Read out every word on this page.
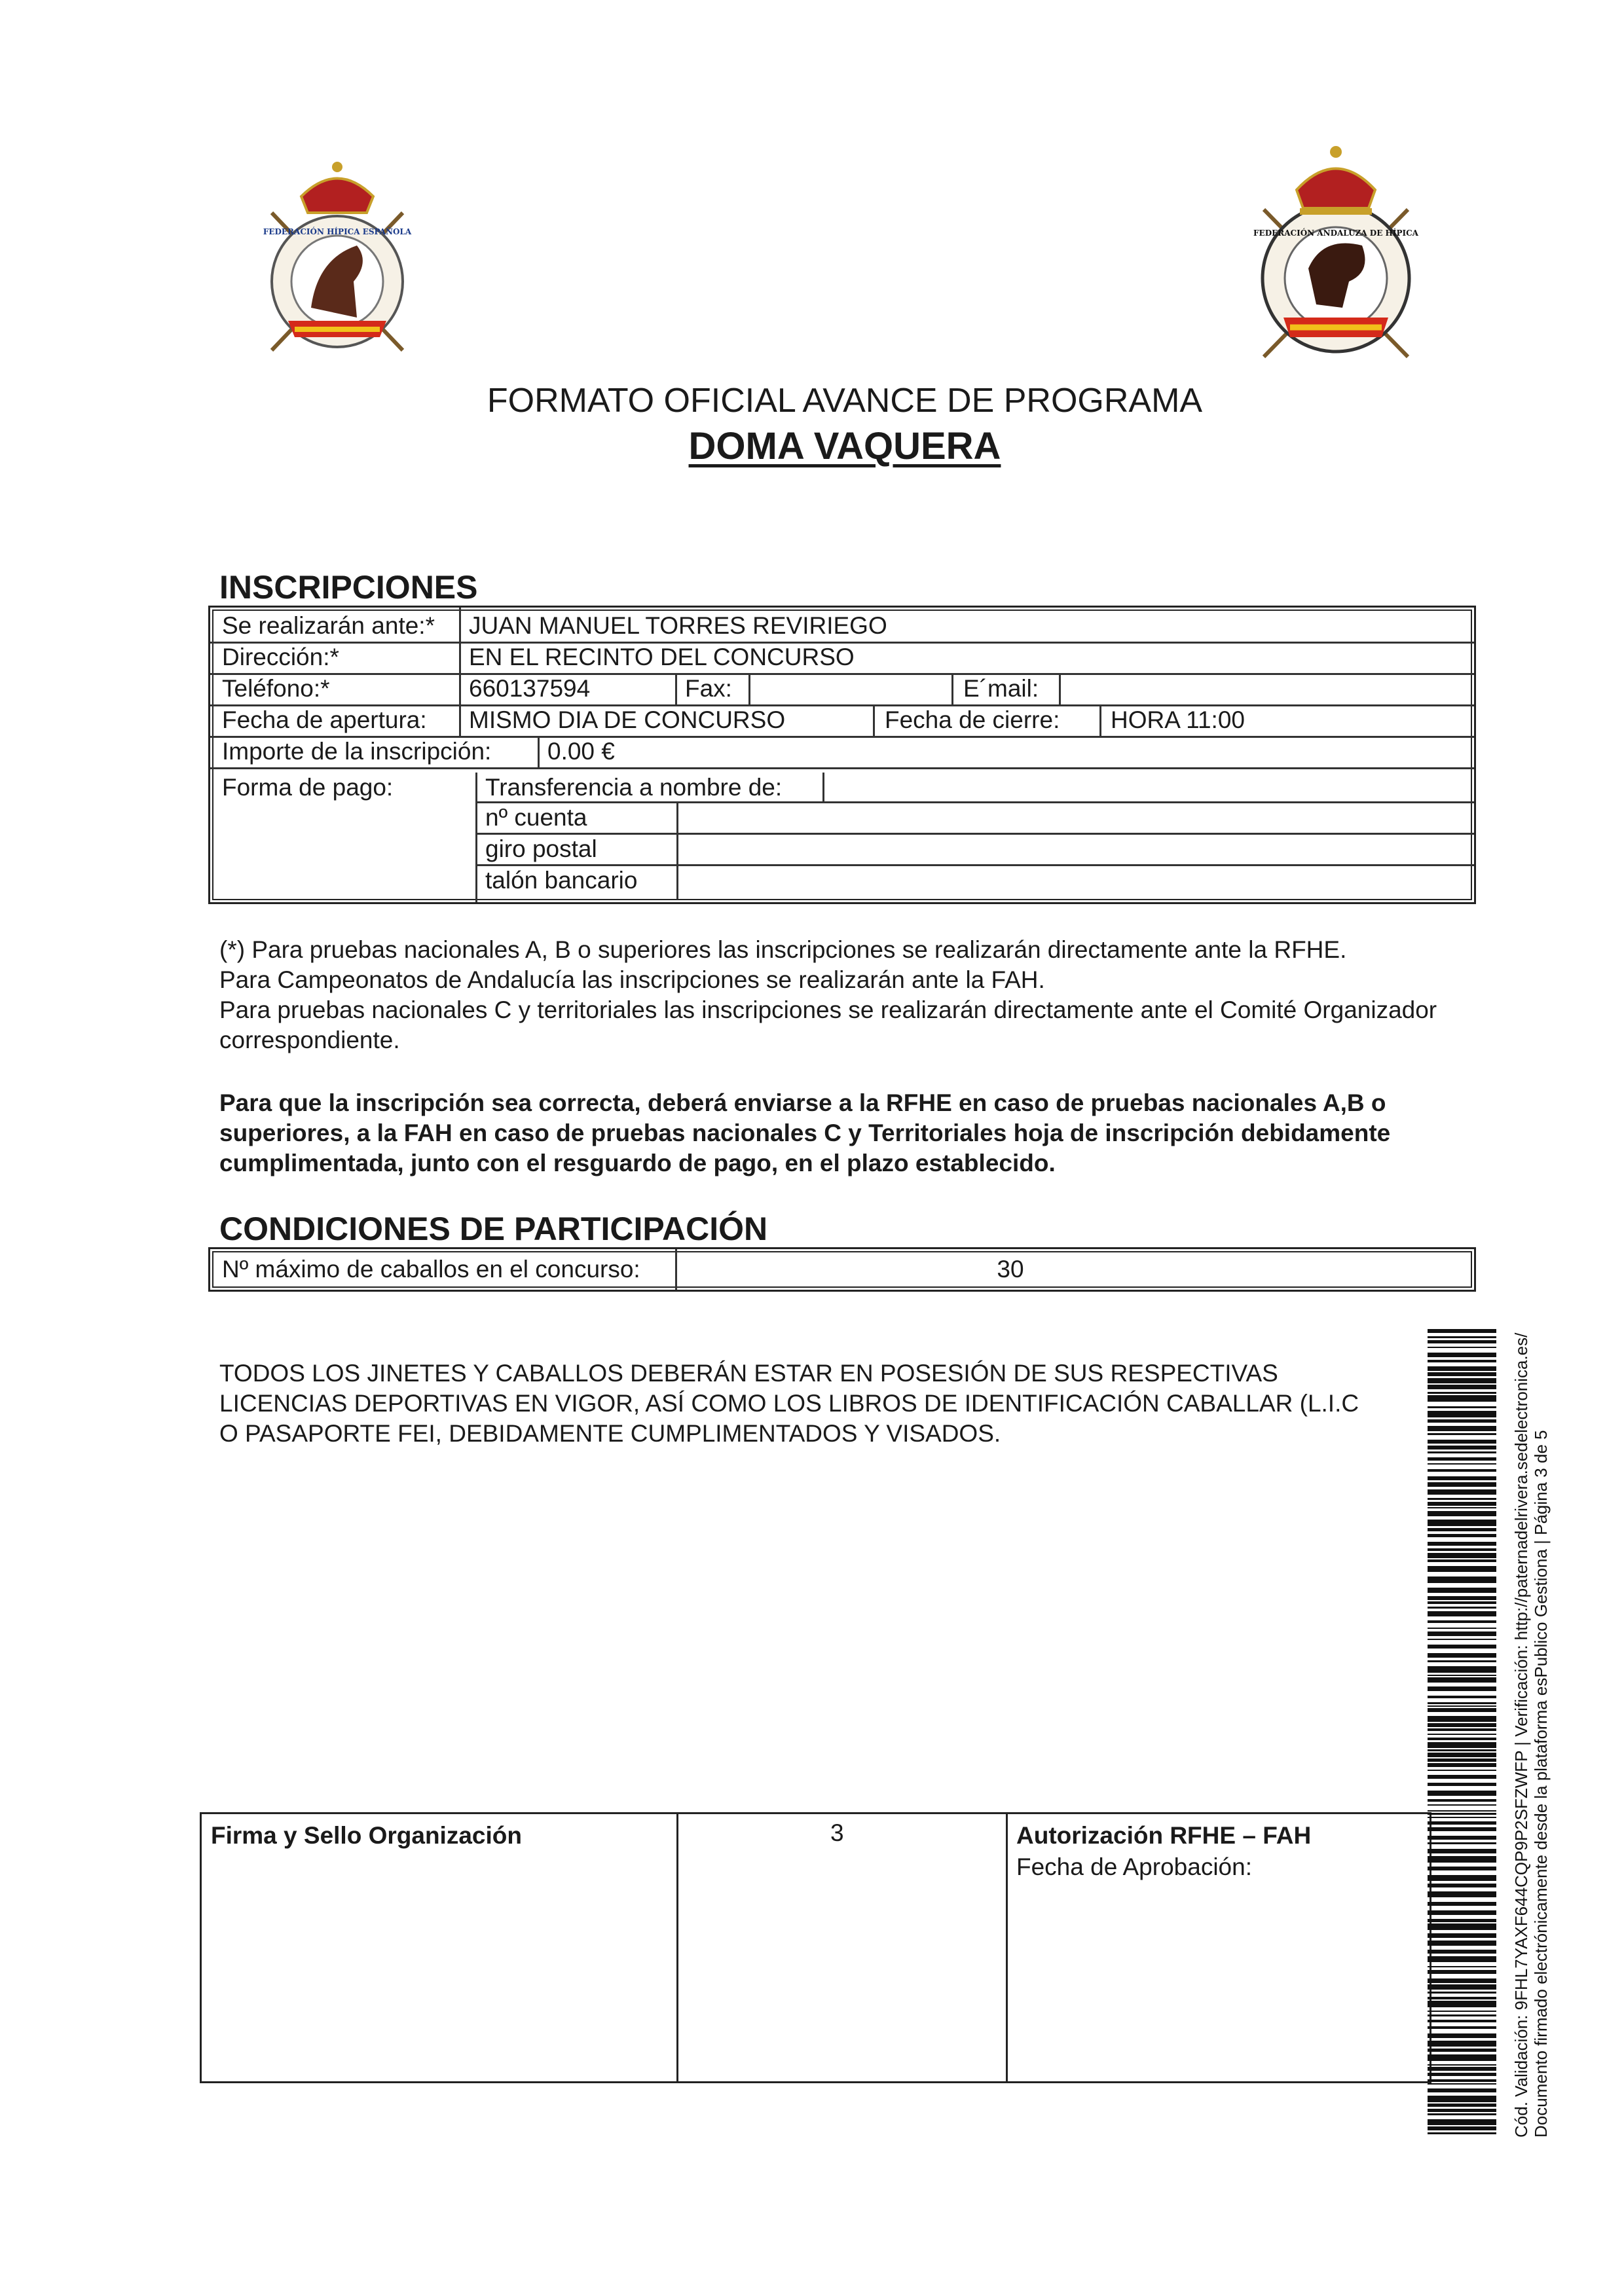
FEDERACIÓN HÍPICA ESPAÑOLA	FEDERACIÓN ANDALUZA DE HÍPICA
FORMATO OFICIAL AVANCE DE PROGRAMA
DOMA VAQUERA
INSCRIPCIONES
Se realizarán ante:* JUAN MANUEL TORRES REVIRIEGO
Dirección:*	EN EL RECINTO DEL CONCURSO
Teléfono:*	660137594	Fax:	E´mail:
Fecha de apertura: MISMO DIA DE CONCURSO	Fecha de cierre: HORA 11:00
Importe de la inscripción: 0.00 €
Forma de pago:	Transferencia a nombre de:
nº cuenta
giro postal
talón bancario
(*) Para pruebas nacionales A, B o superiores las inscripciones se realizarán directamente ante la RFHE.
Para Campeonatos de Andalucía las inscripciones se realizarán ante la FAH.
Para pruebas nacionales C y territoriales las inscripciones se realizarán directamente ante el Comité Organizador correspondiente.
Para que la inscripción sea correcta, deberá enviarse a la RFHE en caso de pruebas nacionales A,B o superiores, a la FAH en caso de pruebas nacionales C y Territoriales hoja de inscripción debidamente cumplimentada, junto con el resguardo de pago, en el plazo establecido.
CONDICIONES DE PARTICIPACIÓN
Nº máximo de caballos en el concurso:	30
TODOS LOS JINETES Y CABALLOS DEBERÁN ESTAR EN POSESIÓN DE SUS RESPECTIVAS
LICENCIAS DEPORTIVAS EN VIGOR, ASÍ COMO LOS LIBROS DE IDENTIFICACIÓN CABALLAR (L.I.C
O PASAPORTE FEI, DEBIDAMENTE CUMPLIMENTADOS Y VISADOS.
Firma y Sello Organización	3	Autorización RFHE – FAH
Fecha de Aprobación:	Cód. Validación: 9FHL7YAXF644CQP9P2SFZWFP | Verificación: http://paternadelrivera.sedelectronica.es/ Documento firmado electrónicamente desde la plataforma esPublico Gestiona | Página 3 de 5
